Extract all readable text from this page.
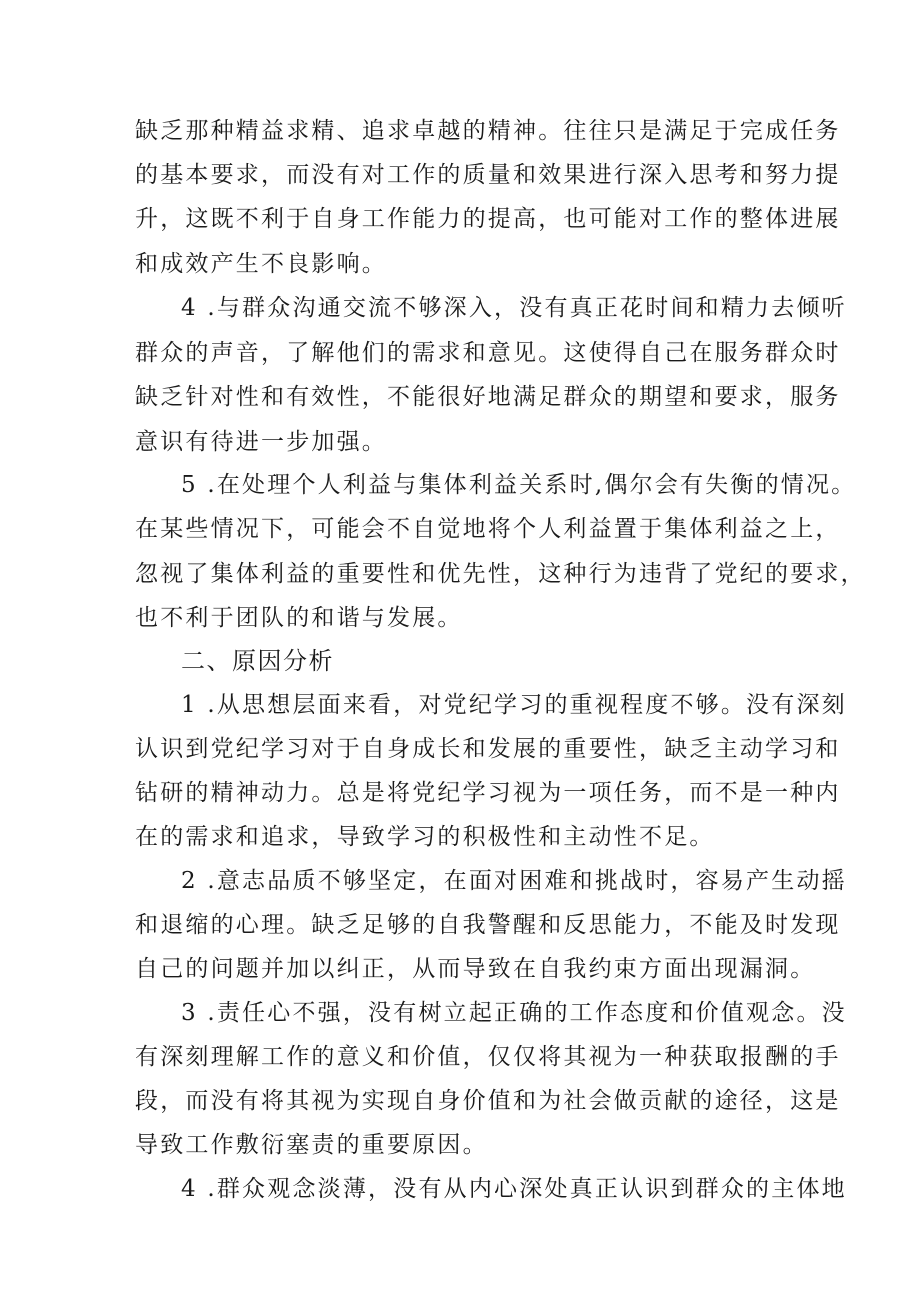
缺乏那种精益求精、追求卓越的精神。往往只是满足于完成任务
的基本要求，而没有对工作的质量和效果进行深入思考和努力提
升，这既不利于自身工作能力的提高，也可能对工作的整体进展
和成效产生不良影响。
4 .与群众沟通交流不够深入，没有真正花时间和精力去倾听
群众的声音，了解他们的需求和意见。这使得自己在服务群众时
缺乏针对性和有效性，不能很好地满足群众的期望和要求，服务
意识有待进一步加强。
5 .在处理个人利益与集体利益关系时,偶尔会有失衡的情况。
在某些情况下，可能会不自觉地将个人利益置于集体利益之上，
忽视了集体利益的重要性和优先性，这种行为违背了党纪的要求，
也不利于团队的和谐与发展。
二、原因分析
1 .从思想层面来看，对党纪学习的重视程度不够。没有深刻
认识到党纪学习对于自身成长和发展的重要性，缺乏主动学习和
钻研的精神动力。总是将党纪学习视为一项任务，而不是一种内
在的需求和追求，导致学习的积极性和主动性不足。
2 .意志品质不够坚定，在面对困难和挑战时，容易产生动摇
和退缩的心理。缺乏足够的自我警醒和反思能力，不能及时发现
自己的问题并加以纠正，从而导致在自我约束方面出现漏洞。
3 .责任心不强，没有树立起正确的工作态度和价值观念。没
有深刻理解工作的意义和价值，仅仅将其视为一种获取报酬的手
段，而没有将其视为实现自身价值和为社会做贡献的途径，这是
导致工作敷衍塞责的重要原因。
4 .群众观念淡薄，没有从内心深处真正认识到群众的主体地
